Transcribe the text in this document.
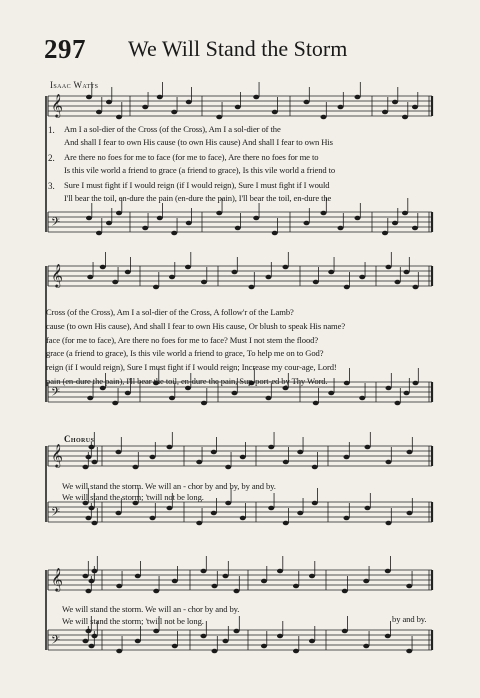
297 We Will Stand the Storm
Isaac Watts
𝄞
𝄢
𝄞
𝄢
𝄞
𝄢
𝄞
𝄢
1.
2.
3.
Am I a sol-dier of the Cross (of the Cross), Am I a sol-dier of the
And shall I fear to own His cause (to own His cause) And shall I fear to own His
Are there no foes for me to face (for me to face), Are there no foes for me to
Is this vile world a friend to grace (a friend to grace), Is this vile world a friend to
Sure I must fight if I would reign (if I would reign), Sure I must fight if I would
I'll bear the toil, en-dure the pain (en-dure the pain), I'll bear the toil, en-dure the
Cross (of the Cross), Am I a sol-dier of the Cross, A follow'r of the Lamb?
cause (to own His cause), And shall I fear to own His cause, Or blush to speak His name?
face (for me to face), Are there no foes for me to face? Must I not stem the flood?
grace (a friend to grace), Is this vile world a friend to grace, To help me on to God?
reign (if I would reign), Sure I must fight if I would reign; Increase my cour-age, Lord!
pain (en-dure the pain), I'll bear the toil, en-dure the pain, Sup-port-ed by Thy Word.
Chorus
We will stand the storm. We will an - chor by and by, by and by.
We will stand the storm; 'twill not be long.
We will stand the storm. We will an - chor by and by.
We will stand the storm; 'twill not be long.	by and by.
